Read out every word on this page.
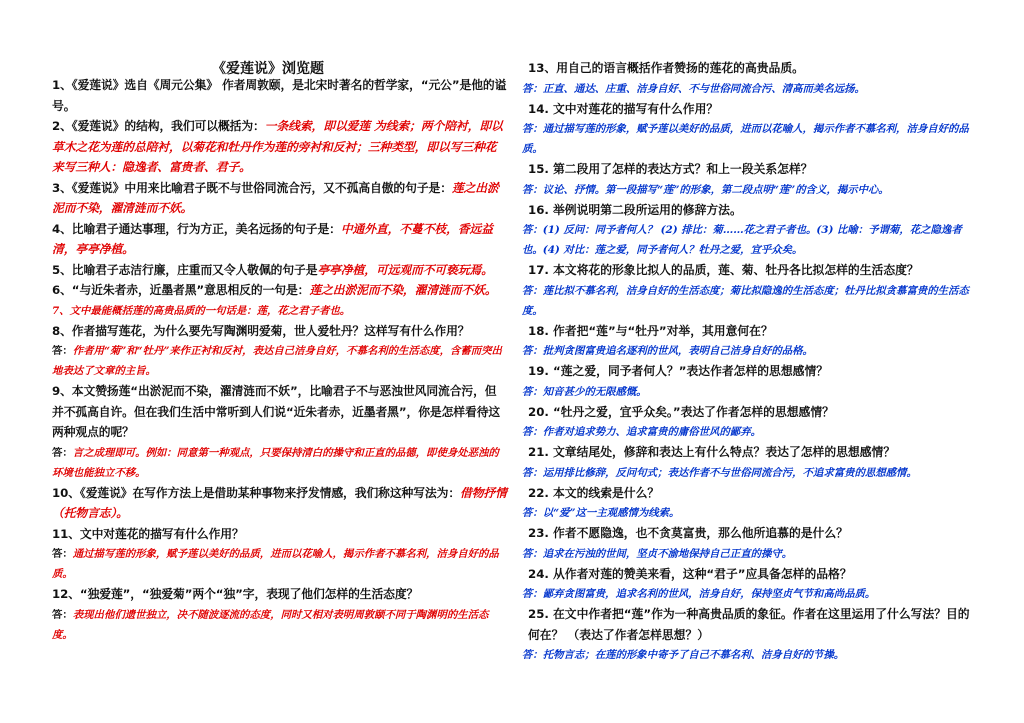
《爱莲说》浏览题
1、《爱莲说》选自《周元公集》 作者周敦颐，是北宋时著名的哲学家，“元公”是他的谥号。
2、《爱莲说》的结构，我们可以概括为：一条线索，即以爱莲 为线索；两个陪衬，即以草木之花为莲的总陪衬，以菊花和牡丹作为莲的旁衬和反衬；三种类型，即以写三种花来写三种人：隐逸者、富贵者、君子。
3、《爱莲说》中用来比喻君子既不与世俗同流合污，又不孤高自傲的句子是：莲之出淤泥而不染，濯清涟而不妖。
4、比喻君子通达事理，行为方正，美名远扬的句子是：中通外直，不蔓不枝，香远益清，亭亭净植。
5、比喻君子志洁行廉，庄重而又令人敬佩的句子是亭亭净植，可远观而不可亵玩焉。
6、“与近朱者赤，近墨者黑”意思相反的一句是：莲之出淤泥而不染，濯清涟而不妖。
7、文中最能概括莲的高贵品质的一句话是：莲，花之君子者也。
8、作者描写莲花，为什么要先写陶渊明爱菊，世人爱牡丹？这样写有什么作用？
答：作者用“菊”和“牡丹”来作正衬和反衬，表达自己洁身自好，不慕名利的生活态度，含蓄而突出地表达了文章的主旨。
9、本文赞扬莲“出淤泥而不染，濯清涟而不妖”，比喻君子不与恶浊世风同流合污，但并不孤高自许。但在我们生活中常听到人们说“近朱者赤，近墨者黑”，你是怎样看待这两种观点的呢？
答：言之成理即可。例如：同意第一种观点，只要保持清白的操守和正直的品德，即使身处恶浊的环境也能独立不移。
10、《爱莲说》在写作方法上是借助某种事物来抒发情感，我们称这种写法为：借物抒情（托物言志）。
11、文中对莲花的描写有什么作用？
答：通过描写莲的形象，赋予莲以美好的品质，进而以花喻人，揭示作者不慕名利，洁身自好的品质。
12、“独爱莲”，“独爱菊”两个“独”字，表现了他们怎样的生活态度？
答：表现出他们遗世独立，决不随波逐流的态度，同时又相对表明周敦颐不同于陶渊明的生活态度。
13、用自己的语言概括作者赞扬的莲花的高贵品质。
答：正直、通达、庄重、洁身自好、不与世俗同流合污、清高而美名远扬。
14. 文中对莲花的描写有什么作用？
答：通过描写莲的形象，赋予莲以美好的品质，进而以花喻人，揭示作者不慕名利，洁身自好的品质。
15. 第二段用了怎样的表达方式？和上一段关系怎样？
答：议论、抒情。第一段描写“莲”的形象，第二段点明“莲”的含义，揭示中心。
16. 举例说明第二段所运用的修辞方法。
答：(1) 反问：同予者何人？ (2) 排比：菊……花之君子者也。(3) 比喻：予谓菊，花之隐逸者也。(4) 对比：莲之爱，同予者何人？牡丹之爱，宜乎众矣。
17. 本文将花的形象比拟人的品质，莲、菊、牡丹各比拟怎样的生活态度？
答：莲比拟不慕名利，洁身自好的生活态度；菊比拟隐逸的生活态度；牡丹比拟贪慕富贵的生活态度。
18. 作者把“莲”与“牡丹”对举，其用意何在？
答：批判贪图富贵追名逐利的世风，表明自己洁身自好的品格。
19. “莲之爱，同予者何人？”表达作者怎样的思想感情？
答：知音甚少的无限感慨。
20. “牡丹之爱，宜乎众矣。”表达了作者怎样的思想感情？
答：作者对追求势力、追求富贵的庸俗世风的鄙弃。
21. 文章结尾处，修辞和表达上有什么特点？表达了怎样的思想感情？
答：运用排比修辞，反问句式；表达作者不与世俗同流合污，不追求富贵的思想感情。
22. 本文的线索是什么？
答：以“爱”这一主观感情为线索。
23. 作者不愿隐逸，也不贪莫富贵，那么他所追慕的是什么？
答：追求在污浊的世间，坚贞不渝地保持自己正直的操守。
24. 从作者对莲的赞美来看，这种“君子”应具备怎样的品格？
答：鄙弃贪图富贵，追求名利的世风，洁身自好，保持坚贞气节和高尚品质。
25. 在文中作者把“莲”作为一种高贵品质的象征。作者在这里运用了什么写法？目的何在？ （表达了作者怎样思想？）
答：托物言志；在莲的形象中寄予了自己不慕名利、洁身自好的节操。
